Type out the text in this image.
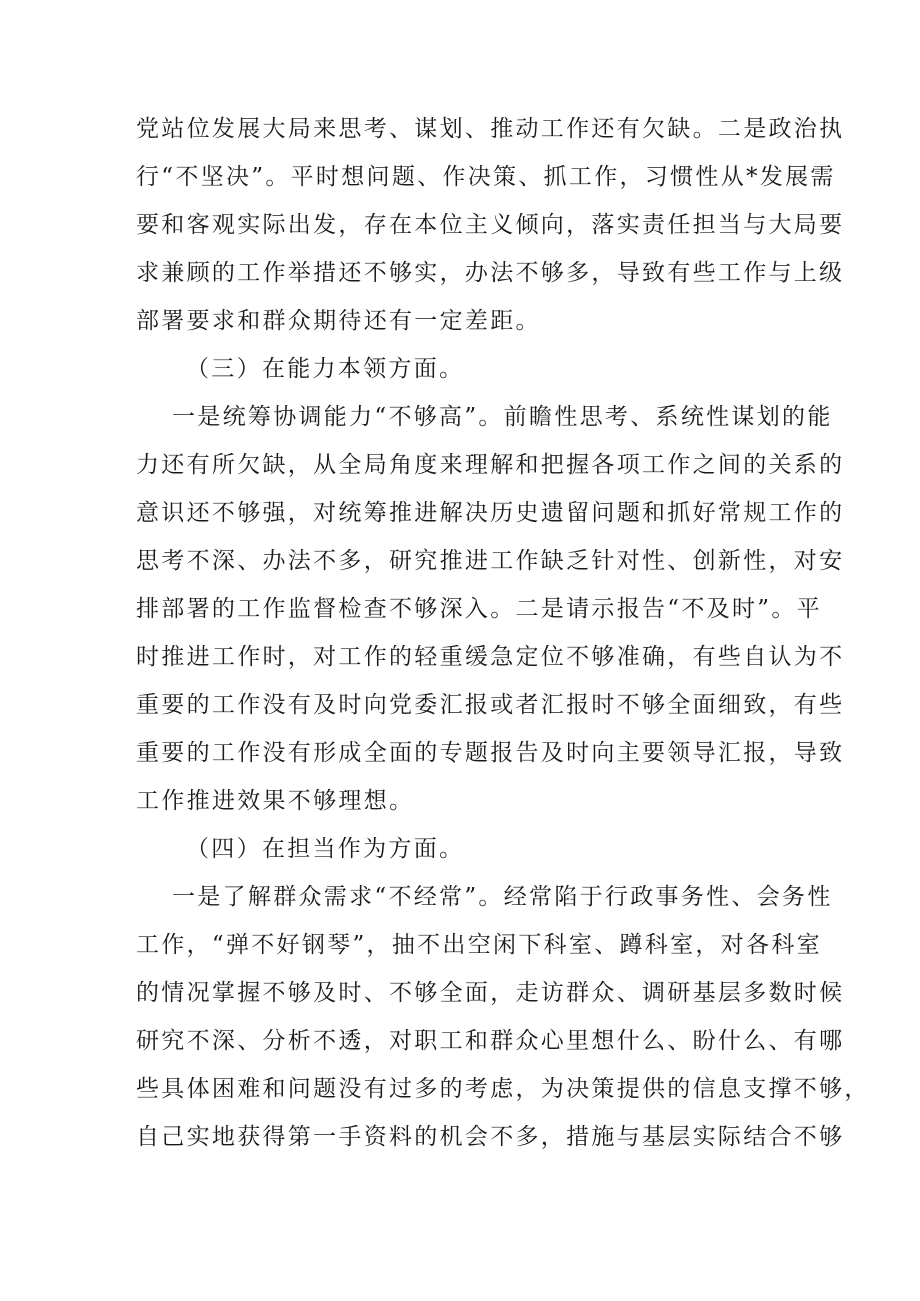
党站位发展大局来思考、谋划、推动工作还有欠缺。二是政治执
行“不坚决”。平时想问题、作决策、抓工作，习惯性从*发展需
要和客观实际出发，存在本位主义倾向，落实责任担当与大局要
求兼顾的工作举措还不够实，办法不够多，导致有些工作与上级
部署要求和群众期待还有一定差距。
（三）在能力本领方面。
一是统筹协调能力“不够高”。前瞻性思考、系统性谋划的能
力还有所欠缺，从全局角度来理解和把握各项工作之间的关系的
意识还不够强，对统筹推进解决历史遗留问题和抓好常规工作的
思考不深、办法不多，研究推进工作缺乏针对性、创新性，对安
排部署的工作监督检查不够深入。二是请示报告“不及时”。平
时推进工作时，对工作的轻重缓急定位不够准确，有些自认为不
重要的工作没有及时向党委汇报或者汇报时不够全面细致，有些
重要的工作没有形成全面的专题报告及时向主要领导汇报，导致
工作推进效果不够理想。
（四）在担当作为方面。
一是了解群众需求“不经常”。经常陷于行政事务性、会务性
工作，“弹不好钢琴”，抽不出空闲下科室、蹲科室，对各科室
的情况掌握不够及时、不够全面，走访群众、调研基层多数时候
研究不深、分析不透，对职工和群众心里想什么、盼什么、有哪
些具体困难和问题没有过多的考虑，为决策提供的信息支撑不够，
自己实地获得第一手资料的机会不多，措施与基层实际结合不够
